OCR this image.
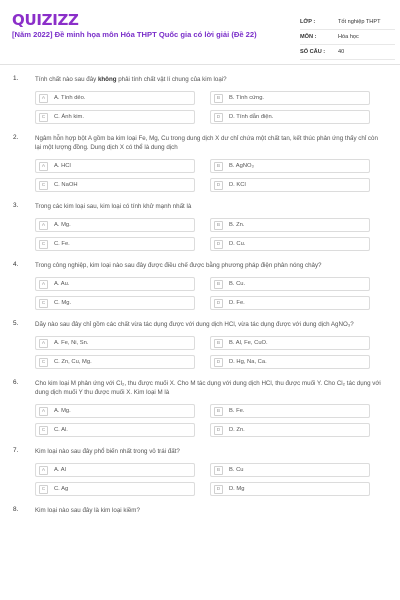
QUIZIZZ
[Năm 2022] Đề minh họa môn Hóa THPT Quốc gia có lời giải (Đề 22)
LỚP :	Tốt nghiệp THPT
MÔN :	Hóa học
SỐ CÂU :	40
1.	Tính chất nào sau đây không phải tính chất vật lí chung của kim loại?
A	A. Tính dẻo.	B	B. Tính cứng.
C	C. Ánh kim.	D	D. Tính dẫn điện.
2.	Ngâm hỗn hợp bột A gồm ba kim loại Fe, Mg, Cu trong dung dịch X dư chỉ chứa một chất tan, kết thúc phản ứng thấy chỉ còn lại một lượng đồng. Dung dịch X có thể là dung dịch
A	A. HCl	B	B. AgNO₃
C	C. NaOH	D	D. KCl
3.	Trong các kim loại sau, kim loại có tính khử mạnh nhất là
A	A. Mg.	B	B. Zn.
C	C. Fe.	D	D. Cu.
4.	Trong công nghiệp, kim loại nào sau đây được điều chế được bằng phương pháp điện phân nóng chảy?
A	A. Au.	B	B. Cu.
C	C. Mg.	D	D. Fe.
5.	Dãy nào sau đây chỉ gồm các chất vừa tác dụng được với dung dịch HCl, vừa tác dụng được với dung dịch AgNO₃?
A	A. Fe, Ni, Sn.	B	B. Al, Fe, CuO.
C	C. Zn, Cu, Mg.	D	D. Hg, Na, Ca.
6.	Cho kim loại M phản ứng với Cl₂, thu được muối X. Cho M tác dụng với dung dịch HCl, thu được muối Y. Cho Cl₂ tác dụng với dung dịch muối Y thu được muối X. Kim loại M là
A	A. Mg.	B	B. Fe.
C	C. Al.	D	D. Zn.
7.	Kim loại nào sau đây phổ biến nhất trong vỏ trái đất?
A	A. Al	B	B. Cu
C	C. Ag	D	D. Mg
8.	Kim loại nào sau đây là kim loại kiềm?
